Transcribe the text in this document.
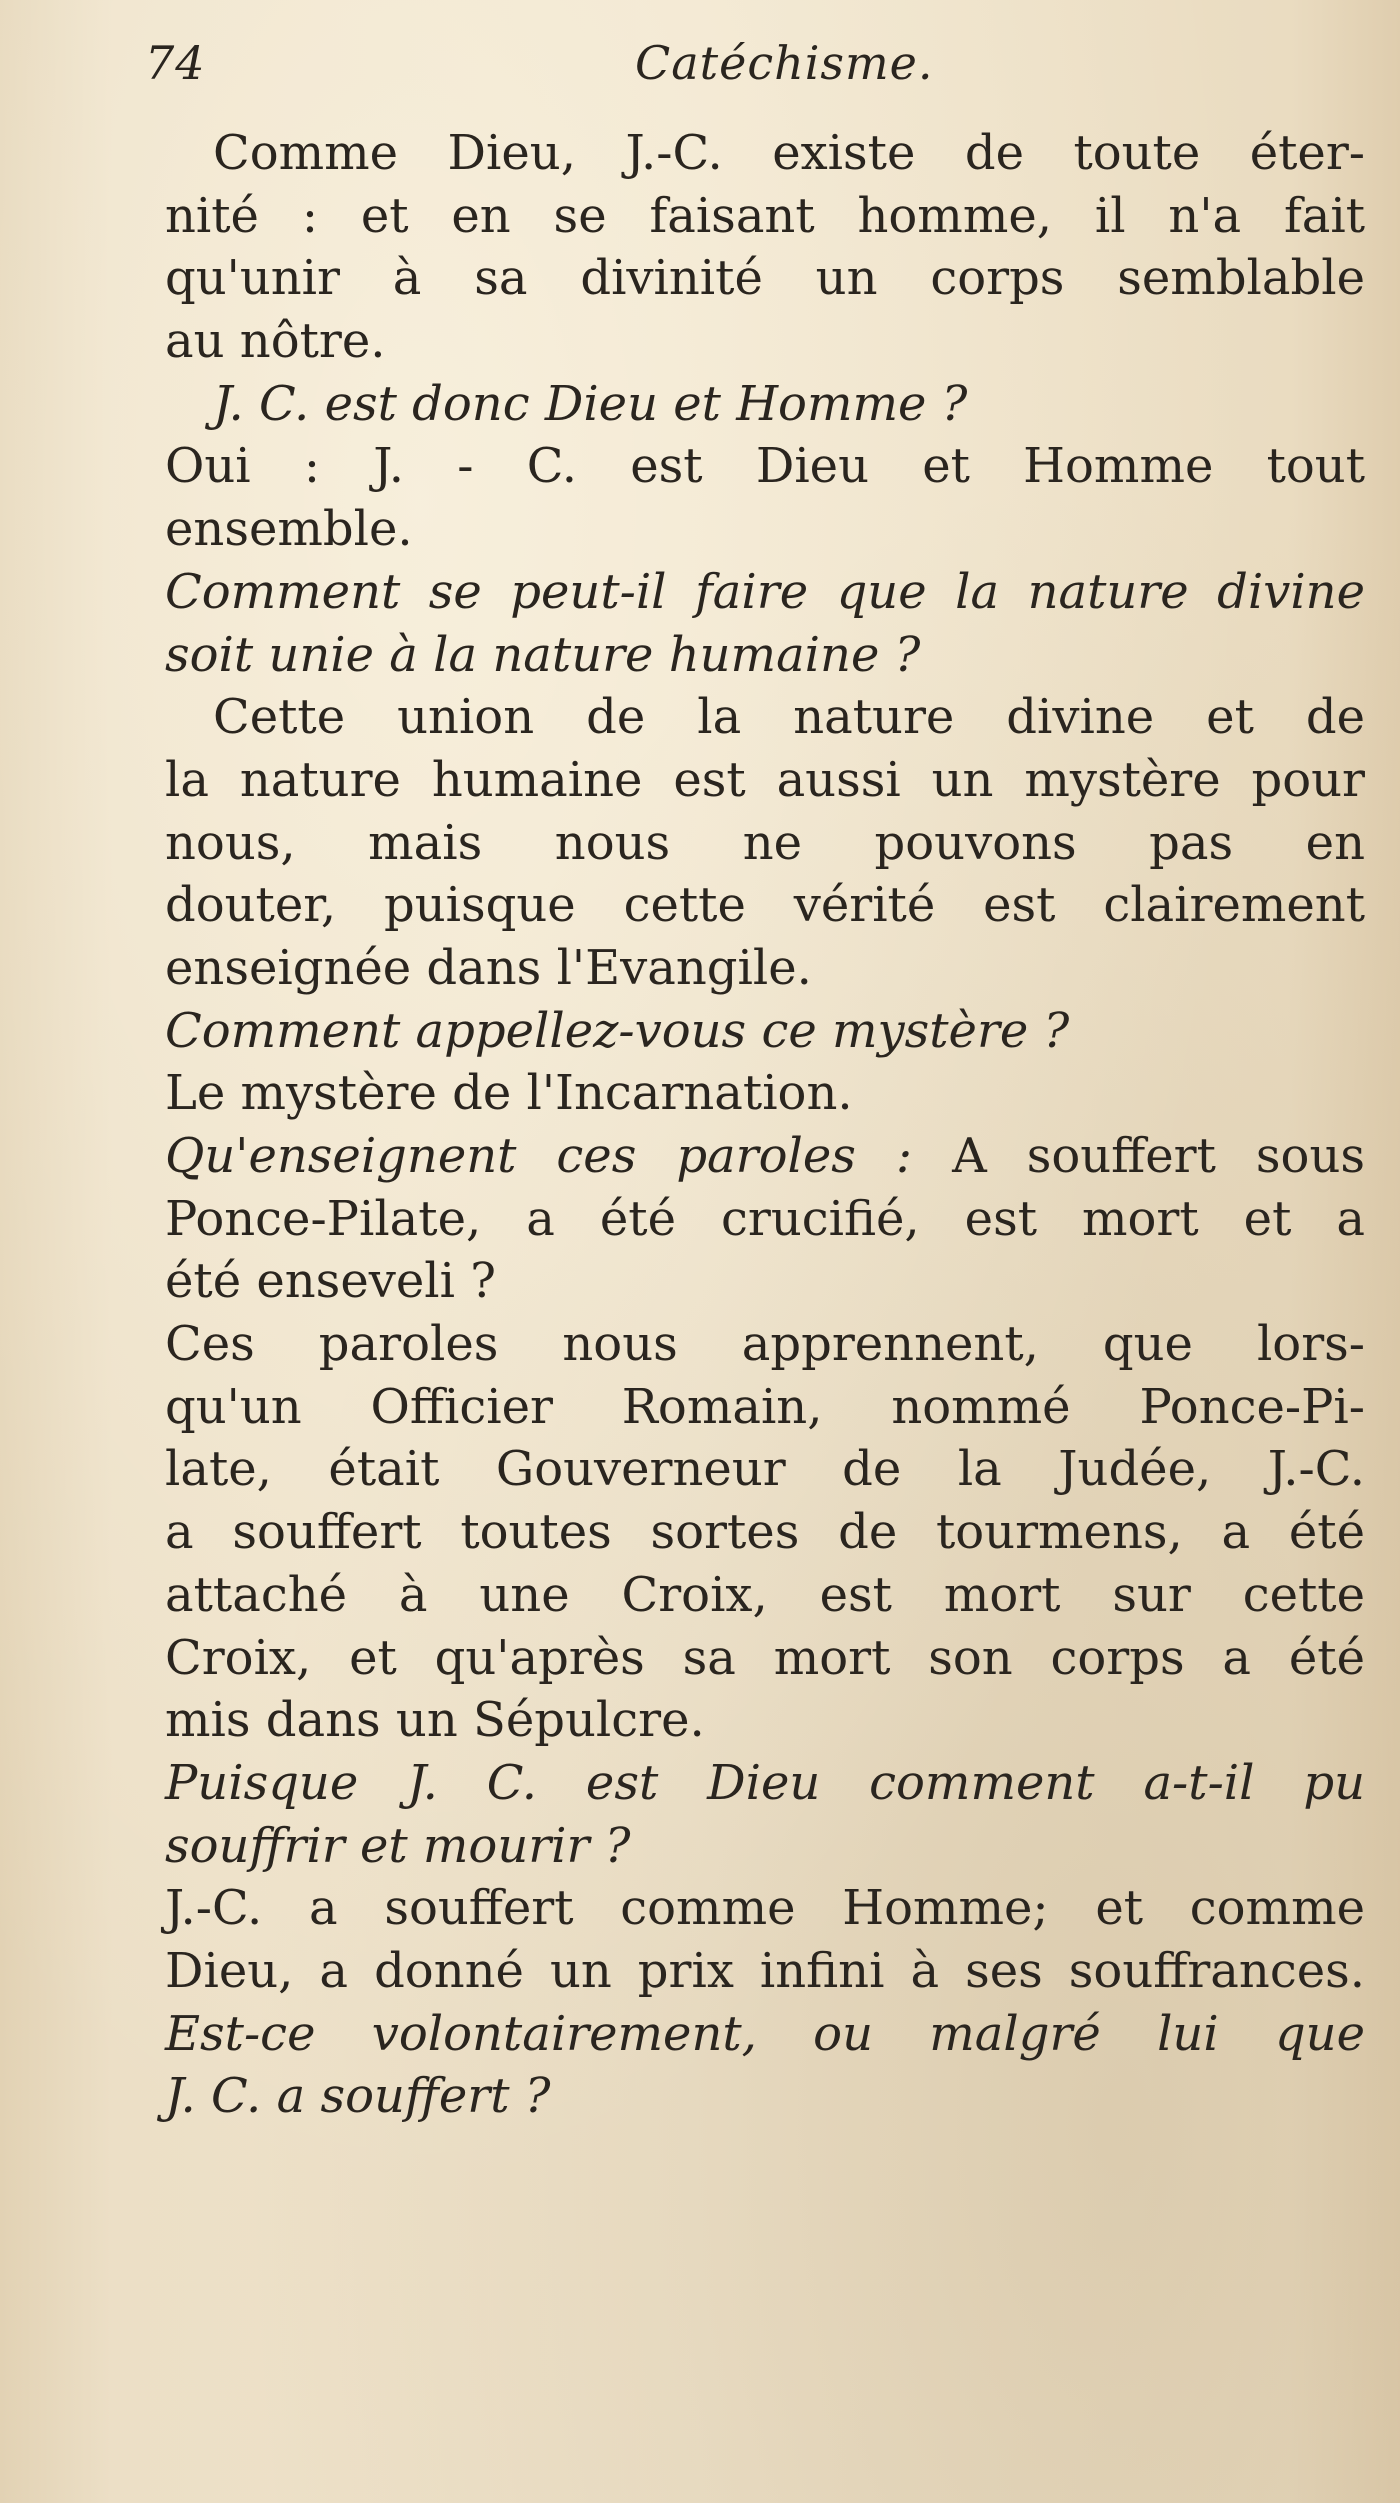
74	Catéchisme.
Comme Dieu, J.-C. existe de toute éter-
nité : et en se faisant homme, il n'a fait
qu'unir à sa divinité un corps semblable
au nôtre.
J. C. est donc Dieu et Homme ?
Oui : J. - C. est Dieu et Homme tout
ensemble.
Comment se peut-il faire que la nature divine
soit unie à la nature humaine ?
Cette union de la nature divine et de
la nature humaine est aussi un mystère pour
nous, mais nous ne pouvons pas en
douter, puisque cette vérité est clairement
enseignée dans l'Evangile.
Comment appellez-vous ce mystère ?
Le mystère de l'Incarnation.
Qu'enseignent ces paroles : A souffert sous
Ponce-Pilate, a été crucifié, est mort et a
été enseveli ?
Ces paroles nous apprennent, que lors-
qu'un Officier Romain, nommé Ponce-Pi-
late, était Gouverneur de la Judée, J.-C.
a souffert toutes sortes de tourmens, a été
attaché à une Croix, est mort sur cette
Croix, et qu'après sa mort son corps a été
mis dans un Sépulcre.
Puisque J. C. est Dieu comment a-t-il pu
souffrir et mourir ?
J.-C. a souffert comme Homme; et comme
Dieu, a donné un prix infini à ses souffrances.
Est-ce volontairement, ou malgré lui que
J. C. a souffert ?
